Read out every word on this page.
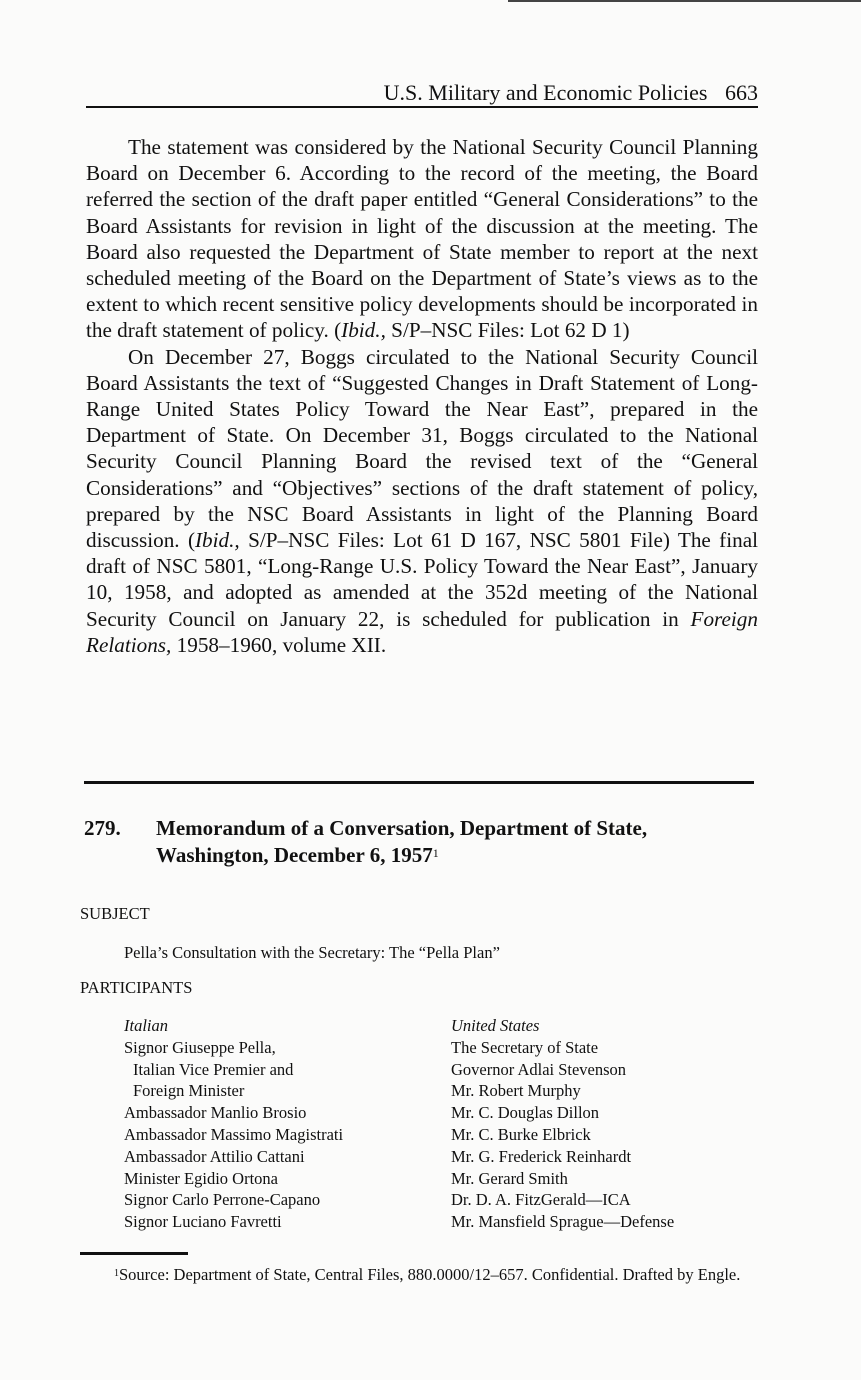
U.S. Military and Economic Policies 663

The statement was considered by the National Security Council Planning Board on December 6. According to the record of the meeting, the Board referred the section of the draft paper entitled “General Considerations” to the Board Assistants for revision in light of the discussion at the meeting. The Board also requested the Department of State member to report at the next scheduled meeting of the Board on the Department of State’s views as to the extent to which recent sensitive policy developments should be incorporated in the draft statement of policy. (Ibid., S/P–NSC Files: Lot 62 D 1)

On December 27, Boggs circulated to the National Security Council Board Assistants the text of “Suggested Changes in Draft Statement of Long-Range United States Policy Toward the Near East”, prepared in the Department of State. On December 31, Boggs circulated to the National Security Council Planning Board the revised text of the “General Considerations” and “Objectives” sections of the draft statement of policy, prepared by the NSC Board Assistants in light of the Planning Board discussion. (Ibid., S/P–NSC Files: Lot 61 D 167, NSC 5801 File) The final draft of NSC 5801, “Long-Range U.S. Policy Toward the Near East”, January 10, 1958, and adopted as amended at the 352d meeting of the National Security Council on January 22, is scheduled for publication in Foreign Relations, 1958–1960, volume XII.

279. Memorandum of a Conversation, Department of State,
Washington, December 6, 1957$^1$
SUBJECT
Pella’s Consultation with the Secretary: The “Pella Plan”
PARTICIPANTS
Italian
Signor Giuseppe Pella,
Italian Vice Premier and
Foreign Minister
Ambassador Manlio Brosio
Ambassador Massimo Magistrati
Ambassador Attilio Cattani
Minister Egidio Ortona
Signor Carlo Perrone-Capano
Signor Luciano Favretti
United States
The Secretary of State
Governor Adlai Stevenson
Mr. Robert Murphy
Mr. C. Douglas Dillon
Mr. C. Burke Elbrick
Mr. G. Frederick Reinhardt
Mr. Gerard Smith
Dr. D. A. FitzGerald—ICA
Mr. Mansfield Sprague—Defense

$^1$Source: Department of State, Central Files, 880.0000/12–657. Confidential. Drafted by Engle.
